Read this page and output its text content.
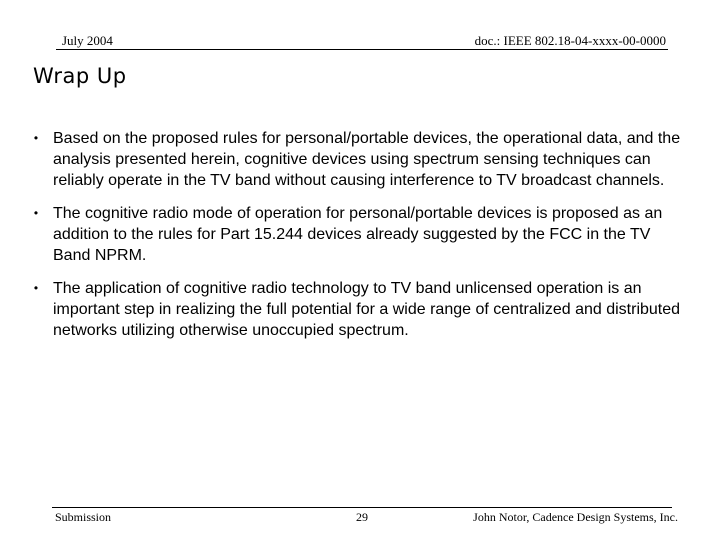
July 2004	doc.: IEEE 802.18-04-xxxx-00-0000
Wrap Up
• Based on the proposed rules for personal/portable devices, the operational data, and the analysis presented herein, cognitive devices using spectrum sensing techniques can reliably operate in the TV band without causing interference to TV broadcast channels.
• The cognitive radio mode of operation for personal/portable devices is proposed as an addition to the rules for Part 15.244 devices already suggested by the FCC in the TV Band NPRM.
• The application of cognitive radio technology to TV band unlicensed operation is an important step in realizing the full potential for a wide range of centralized and distributed networks utilizing otherwise unoccupied spectrum.
Submission	29	John Notor, Cadence Design Systems, Inc.
